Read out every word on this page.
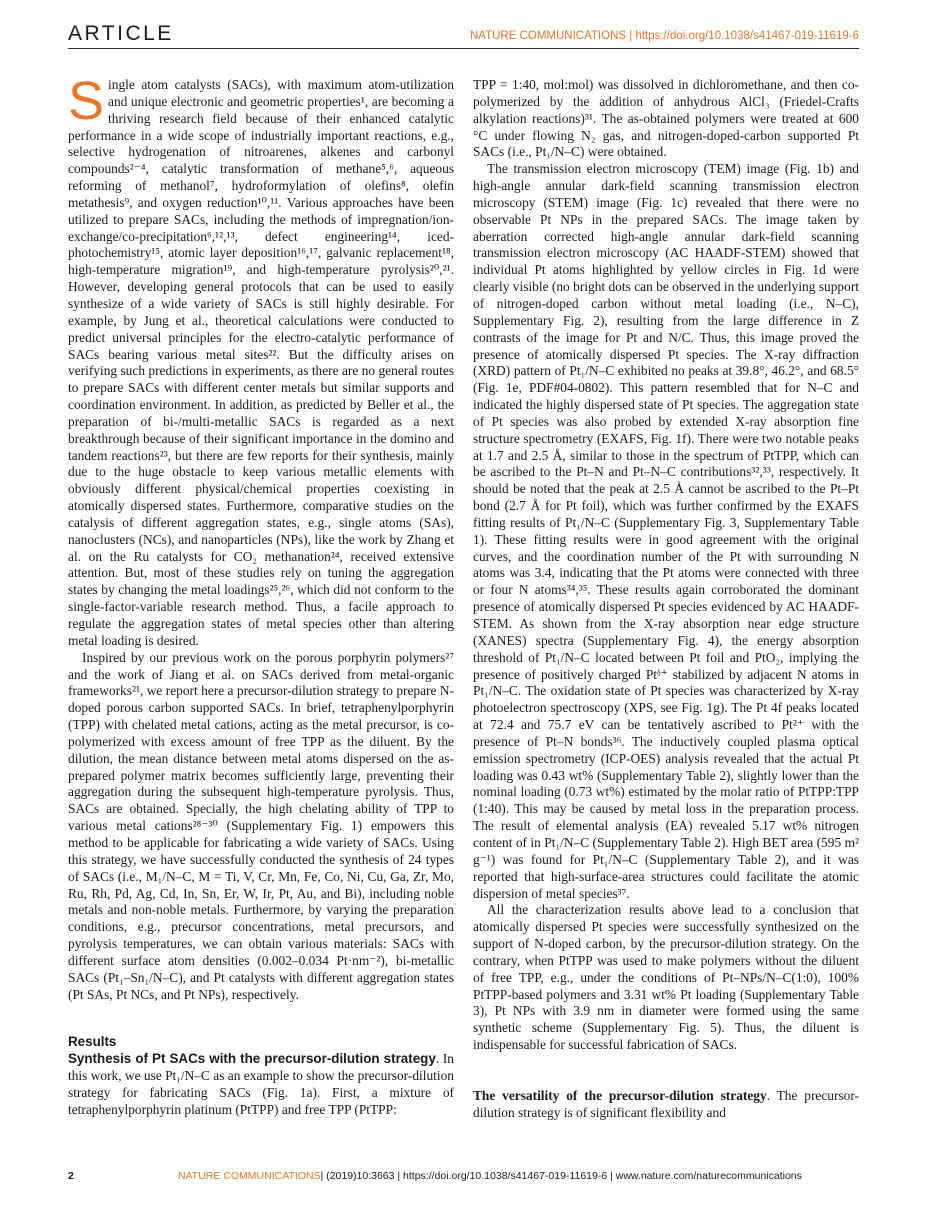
ARTICLE	NATURE COMMUNICATIONS | https://doi.org/10.1038/s41467-019-11619-6

Single atom catalysts (SACs), with maximum atom-utilization and unique electronic and geometric properties¹, are becoming a thriving research field because of their enhanced catalytic performance in a wide scope of industrially important reactions, e.g., selective hydrogenation of nitroarenes, alkenes and carbonyl compounds²⁻⁴, catalytic transformation of methane⁵,⁶, aqueous reforming of methanol⁷, hydroformylation of olefins⁸, olefin metathesis⁹, and oxygen reduction¹⁰,¹¹. Various approaches have been utilized to prepare SACs, including the methods of impregnation/ion-exchange/co-precipitation⁶,¹²,¹³, defect engineering¹⁴, iced-photochemistry¹⁵, atomic layer deposition¹⁶,¹⁷, galvanic replacement¹⁸, high-temperature migration¹⁹, and high-temperature pyrolysis²⁰,²¹. However, developing general protocols that can be used to easily synthesize of a wide variety of SACs is still highly desirable. For example, by Jung et al., theoretical calculations were conducted to predict universal principles for the electro-catalytic performance of SACs bearing various metal sites²². But the difficulty arises on verifying such predictions in experiments, as there are no general routes to prepare SACs with different center metals but similar supports and coordination environment. In addition, as predicted by Beller et al., the preparation of bi-/multi-metallic SACs is regarded as a next breakthrough because of their significant importance in the domino and tandem reactions²³, but there are few reports for their synthesis, mainly due to the huge obstacle to keep various metallic elements with obviously different physical/chemical properties coexisting in atomically dispersed states. Furthermore, comparative studies on the catalysis of different aggregation states, e.g., single atoms (SAs), nanoclusters (NCs), and nanoparticles (NPs), like the work by Zhang et al. on the Ru catalysts for CO₂ methanation²⁴, received extensive attention. But, most of these studies rely on tuning the aggregation states by changing the metal loadings²⁵,²⁶, which did not conform to the single-factor-variable research method. Thus, a facile approach to regulate the aggregation states of metal species other than altering metal loading is desired.

Inspired by our previous work on the porous porphyrin polymers²⁷ and the work of Jiang et al. on SACs derived from metal-organic frameworks²¹, we report here a precursor-dilution strategy to prepare N-doped porous carbon supported SACs. In brief, tetraphenylporphyrin (TPP) with chelated metal cations, acting as the metal precursor, is co-polymerized with excess amount of free TPP as the diluent. By the dilution, the mean distance between metal atoms dispersed on the as-prepared polymer matrix becomes sufficiently large, preventing their aggregation during the subsequent high-temperature pyrolysis. Thus, SACs are obtained. Specially, the high chelating ability of TPP to various metal cations²⁸⁻³⁰ (Supplementary Fig. 1) empowers this method to be applicable for fabricating a wide variety of SACs. Using this strategy, we have successfully conducted the synthesis of 24 types of SACs (i.e., M₁/N–C, M = Ti, V, Cr, Mn, Fe, Co, Ni, Cu, Ga, Zr, Mo, Ru, Rh, Pd, Ag, Cd, In, Sn, Er, W, Ir, Pt, Au, and Bi), including noble metals and non-noble metals. Furthermore, by varying the preparation conditions, e.g., precursor concentrations, metal precursors, and pyrolysis temperatures, we can obtain various materials: SACs with different surface atom densities (0.002–0.034 Pt·nm⁻²), bi-metallic SACs (Pt₁–Sn₁/N–C), and Pt catalysts with different aggregation states (Pt SAs, Pt NCs, and Pt NPs), respectively.

Results

Synthesis of Pt SACs with the precursor-dilution strategy. In this work, we use Pt₁/N–C as an example to show the precursor-dilution strategy for fabricating SACs (Fig. 1a). First, a mixture of tetraphenylporphyrin platinum (PtTPP) and free TPP (PtTPP:

TPP = 1:40, mol:mol) was dissolved in dichloromethane, and then co-polymerized by the addition of anhydrous AlCl₃ (Friedel-Crafts alkylation reactions)³¹. The as-obtained polymers were treated at 600 °C under flowing N₂ gas, and nitrogen-doped-carbon supported Pt SACs (i.e., Pt₁/N–C) were obtained.

The transmission electron microscopy (TEM) image (Fig. 1b) and high-angle annular dark-field scanning transmission electron microscopy (STEM) image (Fig. 1c) revealed that there were no observable Pt NPs in the prepared SACs. The image taken by aberration corrected high-angle annular dark-field scanning transmission electron microscopy (AC HAADF-STEM) showed that individual Pt atoms highlighted by yellow circles in Fig. 1d were clearly visible (no bright dots can be observed in the underlying support of nitrogen-doped carbon without metal loading (i.e., N–C), Supplementary Fig. 2), resulting from the large difference in Z contrasts of the image for Pt and N/C. Thus, this image proved the presence of atomically dispersed Pt species. The X-ray diffraction (XRD) pattern of Pt₁/N–C exhibited no peaks at 39.8°, 46.2°, and 68.5° (Fig. 1e, PDF#04-0802). This pattern resembled that for N–C and indicated the highly dispersed state of Pt species. The aggregation state of Pt species was also probed by extended X-ray absorption fine structure spectrometry (EXAFS, Fig. 1f). There were two notable peaks at 1.7 and 2.5 Å, similar to those in the spectrum of PtTPP, which can be ascribed to the Pt–N and Pt–N–C contributions³²,³³, respectively. It should be noted that the peak at 2.5 Å cannot be ascribed to the Pt–Pt bond (2.7 Å for Pt foil), which was further confirmed by the EXAFS fitting results of Pt₁/N–C (Supplementary Fig. 3, Supplementary Table 1). These fitting results were in good agreement with the original curves, and the coordination number of the Pt with surrounding N atoms was 3.4, indicating that the Pt atoms were connected with three or four N atoms³⁴,³⁵. These results again corroborated the dominant presence of atomically dispersed Pt species evidenced by AC HAADF-STEM. As shown from the X-ray absorption near edge structure (XANES) spectra (Supplementary Fig. 4), the energy absorption threshold of Pt₁/N–C located between Pt foil and PtO₂, implying the presence of positively charged Ptᵟ⁺ stabilized by adjacent N atoms in Pt₁/N–C. The oxidation state of Pt species was characterized by X-ray photoelectron spectroscopy (XPS, see Fig. 1g). The Pt 4f peaks located at 72.4 and 75.7 eV can be tentatively ascribed to Pt²⁺ with the presence of Pt–N bonds³⁶. The inductively coupled plasma optical emission spectrometry (ICP-OES) analysis revealed that the actual Pt loading was 0.43 wt% (Supplementary Table 2), slightly lower than the nominal loading (0.73 wt%) estimated by the molar ratio of PtTPP:TPP (1:40). This may be caused by metal loss in the preparation process. The result of elemental analysis (EA) revealed 5.17 wt% nitrogen content of in Pt₁/N–C (Supplementary Table 2). High BET area (595 m² g⁻¹) was found for Pt₁/N–C (Supplementary Table 2), and it was reported that high-surface-area structures could facilitate the atomic dispersion of metal species³⁷.

All the characterization results above lead to a conclusion that atomically dispersed Pt species were successfully synthesized on the support of N-doped carbon, by the precursor-dilution strategy. On the contrary, when PtTPP was used to make polymers without the diluent of free TPP, e.g., under the conditions of Pt–NPs/N–C(1:0), 100% PtTPP-based polymers and 3.31 wt% Pt loading (Supplementary Table 3), Pt NPs with 3.9 nm in diameter were formed using the same synthetic scheme (Supplementary Fig. 5). Thus, the diluent is indispensable for successful fabrication of SACs.

The versatility of the precursor-dilution strategy. The precursor-dilution strategy is of significant flexibility and

2	NATURE COMMUNICATIONS| (2019)10:3663 | https://doi.org/10.1038/s41467-019-11619-6 | www.nature.com/naturecommunications
